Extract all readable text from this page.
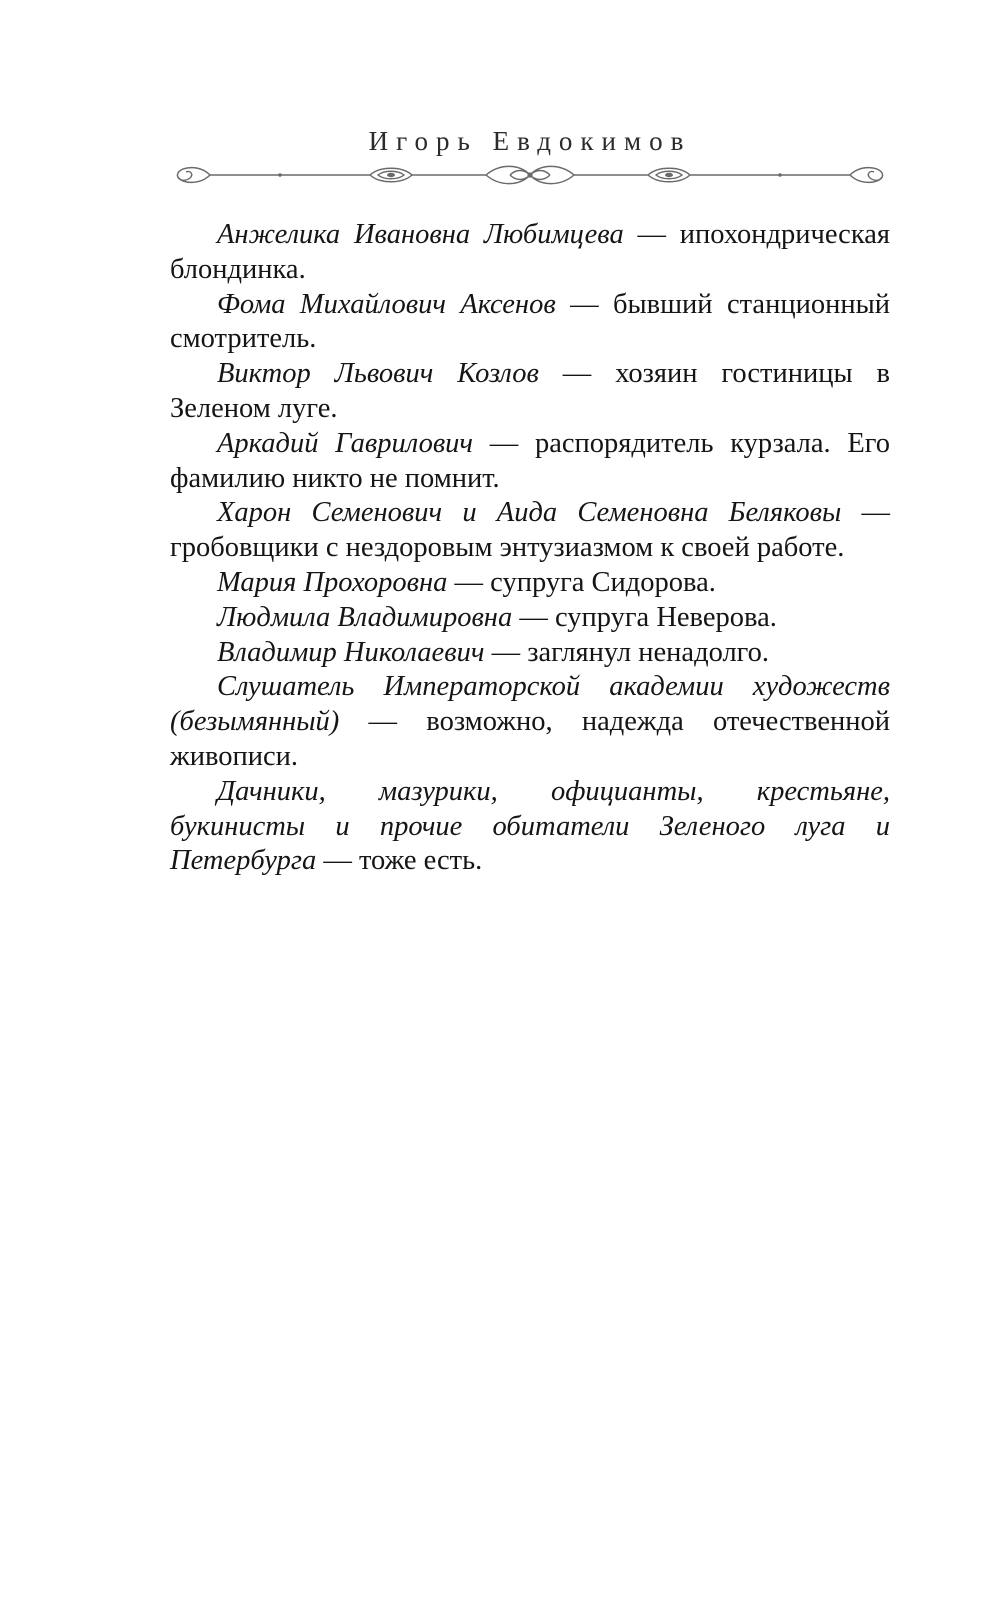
Игорь Евдокимов

Анжелика Ивановна Любимцева — ипохондрическая блондинка.

Фома Михайлович Аксенов — бывший станционный смотритель.

Виктор Львович Козлов — хозяин гостиницы в Зеленом луге.

Аркадий Гаврилович — распорядитель курзала. Его фамилию никто не помнит.

Харон Семенович и Аида Семеновна Беляковы — гробовщики с нездоровым энтузиазмом к своей работе.

Мария Прохоровна — супруга Сидорова.

Людмила Владимировна — супруга Неверова.

Владимир Николаевич — заглянул ненадолго.

Слушатель Императорской академии художеств (безымянный) — возможно, надежда отечественной живописи.

Дачники, мазурики, официанты, крестьяне, букинисты и прочие обитатели Зеленого луга и Петербурга — тоже есть.
